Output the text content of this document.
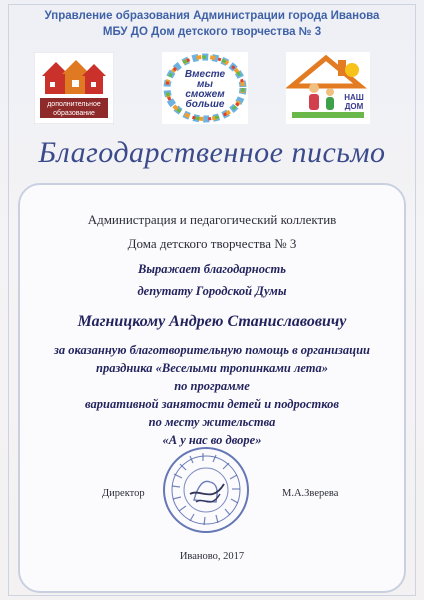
Управление образования Администрации города Иванова
МБУ ДО Дом детского творчества № 3
дополнительное
образование
Вместе
мы
сможем
больше
НАШ
ДОМ
Благодарственное письмо
Администрация и педагогический коллектив
Дома детского творчества № 3
Выражает благодарность
депутату Городской Думы
Магницкому Андрею Станиславовичу
за оказанную благотворительную помощь в организации
праздника «Веселыми тропинками лета»
по программе
вариативной занятости детей и подростков
по месту жительства
«А у нас во дворе»
Директор	М.А.Зверева
Иваново, 2017
